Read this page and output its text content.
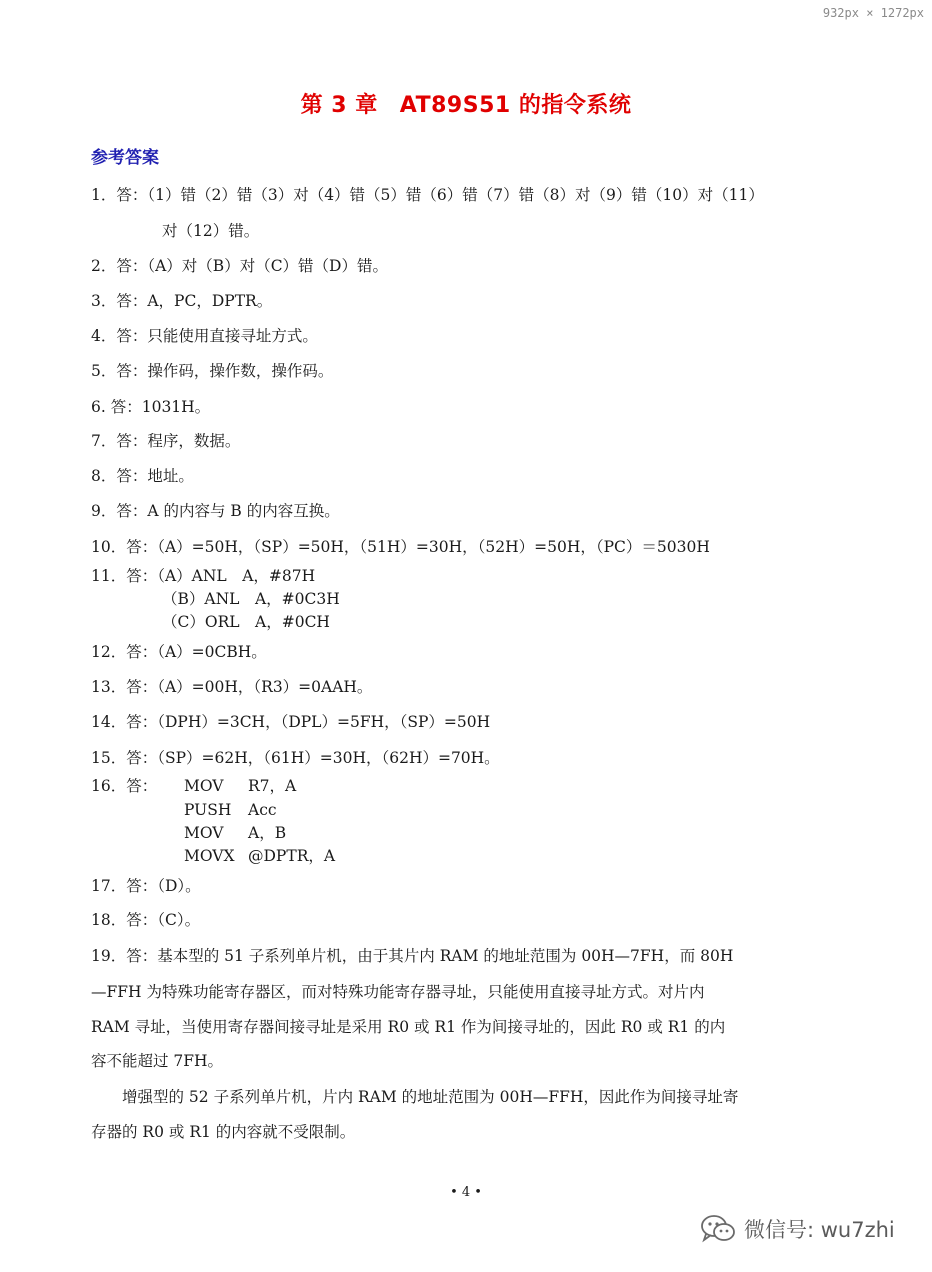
932px × 1272px
第 3 章 AT89S51 的指令系统
参考答案
1．答：（1）错（2）错（3）对（4）错（5）错（6）错（7）错（8）对（9）错（10）对（11）
对（12）错。
2．答：（A）对（B）对（C）错（D）错。
3．答：A，PC，DPTR。
4．答：只能使用直接寻址方式。
5．答：操作码，操作数，操作码。
6. 答：1031H。
7．答：程序，数据。
8．答：地址。
9．答：A 的内容与 B 的内容互换。
10．答：（A）=50H，（SP）=50H，（51H）=30H，（52H）=50H，（PC）＝5030H
11．答：（A）ANL　A，#87H
（B）ANL　A，#0C3H
（C）ORL　A，#0CH
12．答：（A）=0CBH。
13．答：（A）=00H，（R3）=0AAH。
14．答：（DPH）=3CH，（DPL）=5FH，（SP）=50H
15．答：（SP）=62H，（61H）=30H，（62H）=70H。
16．答： MOV R7，A
PUSH Acc
MOV A，B
MOVX @DPTR，A
17．答：（D）。
18．答：（C）。
19．答：基本型的 51 子系列单片机，由于其片内 RAM 的地址范围为 00H—7FH，而 80H
—FFH 为特殊功能寄存器区，而对特殊功能寄存器寻址，只能使用直接寻址方式。对片内
RAM 寻址，当使用寄存器间接寻址是采用 R0 或 R1 作为间接寻址的，因此 R0 或 R1 的内
容不能超过 7FH。
增强型的 52 子系列单片机，片内 RAM 的地址范围为 00H—FFH，因此作为间接寻址寄
存器的 R0 或 R1 的内容就不受限制。
• 4 •
微信号: wu7zhi
